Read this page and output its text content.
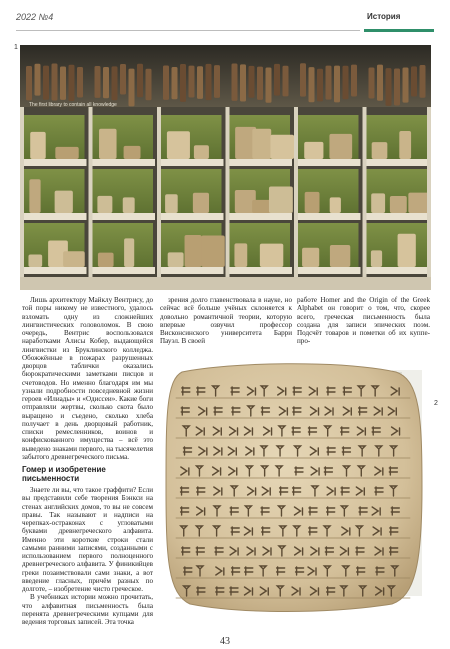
2022 №4	История
1
The first library to contain all knowledge

Лишь архитектору Майклу Вентрису, до той поры никому не известного, удалось взломать одну из сложнейших лингвистических головоломок. В свою очередь, Вентрис воспользовался наработками Алисы Кобер, выдающейся лингвистки из Бруклинского колледжа. Обожжённые в пожарах разрушенных дворцов таблички оказались бюрократическими заметками писцов и счетоводов. Но именно благодаря им мы узнали подробности повседневной жизни героев «Илиады» и «Одиссеи». Какие боги отправляли жертвы, сколько скота было выращено и съедено, сколько хлеба получает в день дворцовый работник, списки ремесленников, воинов и конфискованного имущества – всё это выведено знаками первого, на тысячелетия забытого древнегреческого письма.

Гомер и изобретение письменности

Знаете ли вы, что такое граффити? Если вы представили себе творения Бэнкси на стенах английских домов, то вы не совсем правы. Так называют и надписи на черепках-остраконах с угловатыми буквами древнегреческого алфавита. Именно эти короткие строки стали самыми ранними записями, созданными с использованием первого полноценного древнегреческого алфавита. У финикийцев греки позаимствовали сами знаки, а вот введение гласных, причём разных по долготе, – изобретение чисто греческое.

В учебниках истории можно прочитать, что алфавитная письменность была перенята древнегреческими купцами для ведения торговых записей. Эта точка

зрения долго главенствовала в науке, но сейчас всё больше учёных склоняется к довольно романтичной теории, которую впервые озвучил профессор Висконсинского университета Барри Пауэл. В своей

работе Homer and the Origin of the Greek Alphabet он говорит о том, что, скорее всего, греческая письменность была создана для записи эпических поэм. Подсчёт товаров и пометки об их куппе-про-

2
43
